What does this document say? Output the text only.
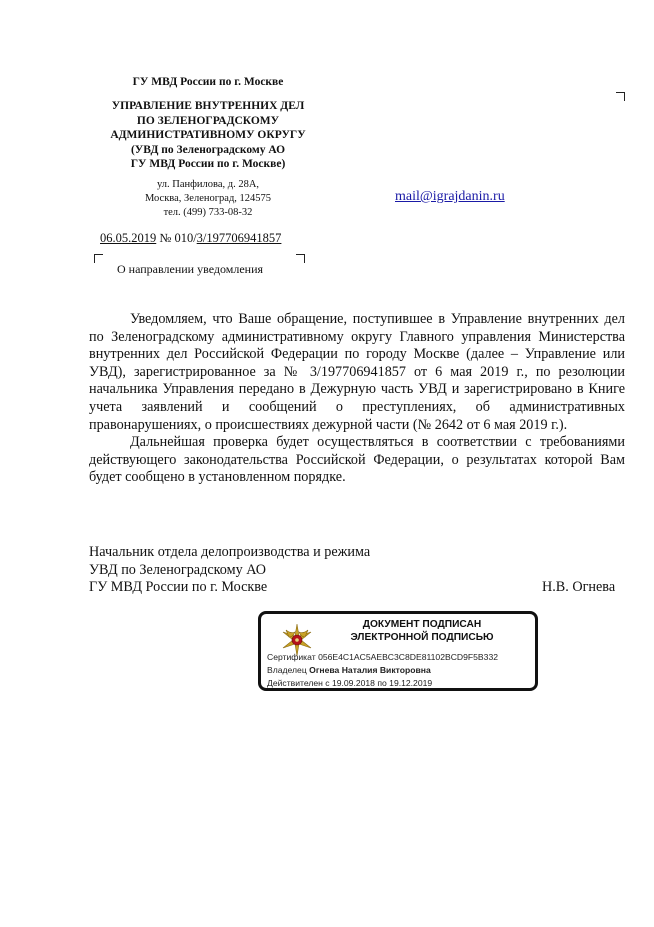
ГУ МВД России по г. Москве
УПРАВЛЕНИЕ ВНУТРЕННИХ ДЕЛ
ПО ЗЕЛЕНОГРАДСКОМУ
АДМИНИСТРАТИВНОМУ ОКРУГУ
(УВД по Зеленоградскому АО
ГУ МВД России по г. Москве)
ул. Панфилова, д. 28А,
Москва, Зеленоград, 124575
тел. (499) 733-08-32
06.05.2019 № 010/3/197706941857
О направлении уведомления
mail@igrajdanin.ru

Уведомляем, что Ваше обращение, поступившее в Управление внутренних дел по Зеленоградскому административному округу Главного управления Министерства внутренних дел Российской Федерации по городу Москве (далее – Управление или УВД), зарегистрированное за № 3/197706941857 от 6 мая 2019 г., по резолюции начальника Управления передано в Дежурную часть УВД и зарегистрировано в Книге учета заявлений и сообщений о преступлениях, об административных правонарушениях, о происшествиях дежурной части (№ 2642 от 6 мая 2019 г.).

Дальнейшая проверка будет осуществляться в соответствии с требованиями действующего законодательства Российской Федерации, о результатах которой Вам будет сообщено в установленном порядке.

Начальник отдела делопроизводства и режима
УВД по Зеленоградскому АО
ГУ МВД России по г. Москве	Н.В. Огнева
ДОКУМЕНТ ПОДПИСАН
ЭЛЕКТРОННОЙ ПОДПИСЬЮ
Сертификат 056E4C1AC5AEBC3C8DE81102BCD9F5B332
Владелец Огнева Наталия Викторовна
Действителен с 19.09.2018 по 19.12.2019
